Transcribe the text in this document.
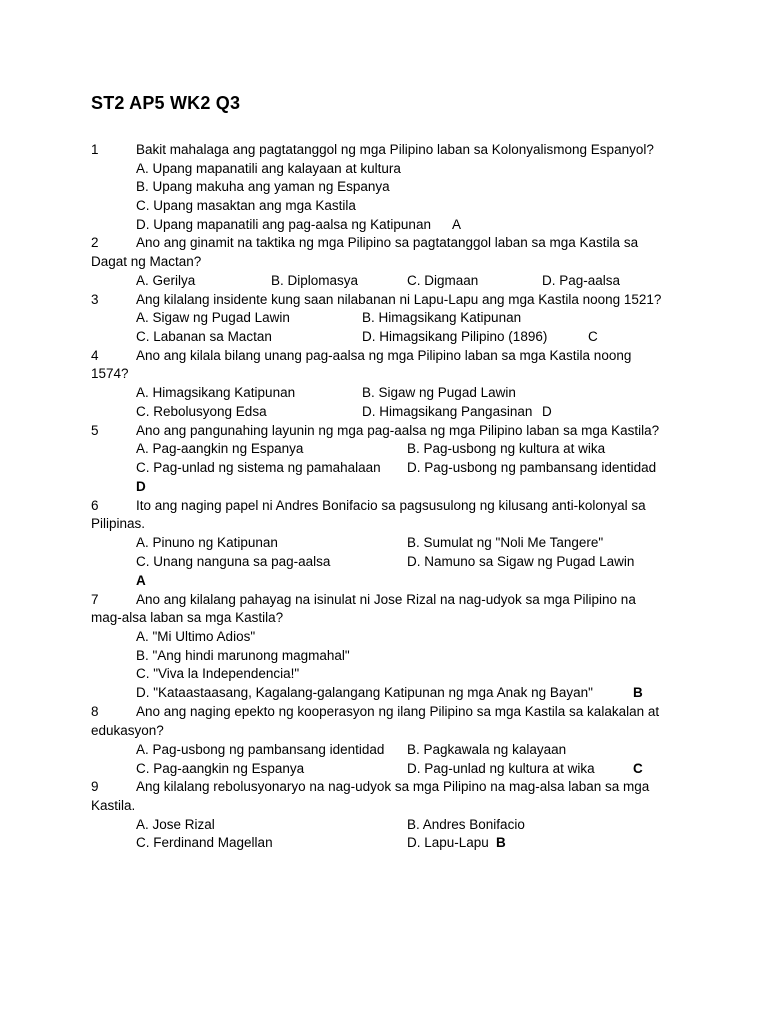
ST2 AP5 WK2 Q3
1	Bakit mahalaga ang pagtatanggol ng mga Pilipino laban sa Kolonyalismong Espanyol?
A. Upang mapanatili ang kalayaan at kultura
B. Upang makuha ang yaman ng Espanya
C. Upang masaktan ang mga Kastila
D. Upang mapanatili ang pag-aalsa ng Katipunan A
2	Ano ang ginamit na taktika ng mga Pilipino sa pagtatanggol laban sa mga Kastila sa
Dagat ng Mactan?
A. Gerilya	B. Diplomasya	C. Digmaan	D. Pag-aalsa
3	Ang kilalang insidente kung saan nilabanan ni Lapu-Lapu ang mga Kastila noong 1521?
A. Sigaw ng Pugad Lawin	B. Himagsikang Katipunan
C. Labanan sa Mactan	D. Himagsikang Pilipino (1896)	C
4	Ano ang kilala bilang unang pag-aalsa ng mga Pilipino laban sa mga Kastila noong
1574?
A. Himagsikang Katipunan	B. Sigaw ng Pugad Lawin
C. Rebolusyong Edsa	D. Himagsikang Pangasinan D
5	Ano ang pangunahing layunin ng mga pag-aalsa ng mga Pilipino laban sa mga Kastila?
A. Pag-aangkin ng Espanya	B. Pag-usbong ng kultura at wika
C. Pag-unlad ng sistema ng pamahalaan D. Pag-usbong ng pambansang identidad
D
6	Ito ang naging papel ni Andres Bonifacio sa pagsusulong ng kilusang anti-kolonyal sa
Pilipinas.
A. Pinuno ng Katipunan	B. Sumulat ng "Noli Me Tangere"
C. Unang nanguna sa pag-aalsa	D. Namuno sa Sigaw ng Pugad Lawin
A
7	Ano ang kilalang pahayag na isinulat ni Jose Rizal na nag-udyok sa mga Pilipino na
mag-alsa laban sa mga Kastila?
A. "Mi Ultimo Adios"
B. "Ang hindi marunong magmahal"
C. "Viva la Independencia!"
D. "Kataastaasang, Kagalang-galangang Katipunan ng mga Anak ng Bayan"	B
8	Ano ang naging epekto ng kooperasyon ng ilang Pilipino sa mga Kastila sa kalakalan at
edukasyon?
A. Pag-usbong ng pambansang identidad B. Pagkawala ng kalayaan
C. Pag-aangkin ng Espanya	D. Pag-unlad ng kultura at wika	C
9	Ang kilalang rebolusyonaryo na nag-udyok sa mga Pilipino na mag-alsa laban sa mga
Kastila.
A. Jose Rizal	B. Andres Bonifacio
C. Ferdinand Magellan	D. Lapu-Lapu B
